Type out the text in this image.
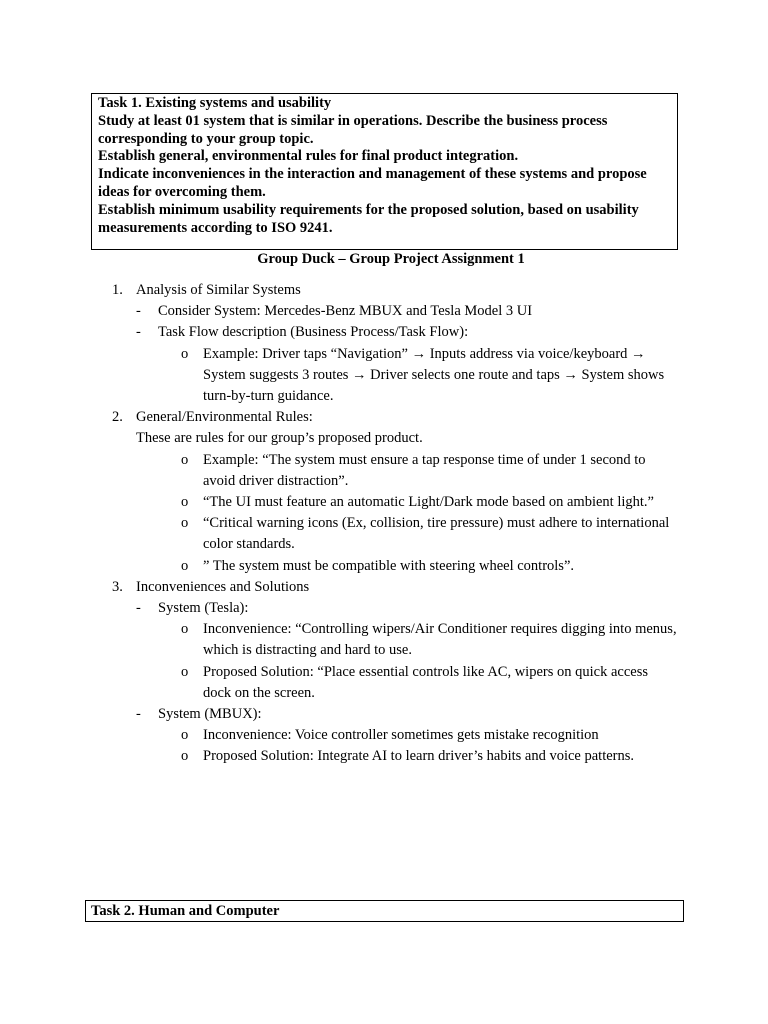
Task 1. Existing systems and usability
Study at least 01 system that is similar in operations. Describe the business process corresponding to your group topic.
Establish general, environmental rules for final product integration.
Indicate inconveniences in the interaction and management of these systems and propose ideas for overcoming them.
Establish minimum usability requirements for the proposed solution, based on usability measurements according to ISO 9241.
Group Duck – Group Project Assignment 1
1. Analysis of Similar Systems
- Consider System: Mercedes-Benz MBUX and Tesla Model 3 UI
- Task Flow description (Business Process/Task Flow):
o Example: Driver taps “Navigation” → Inputs address via voice/keyboard → System suggests 3 routes → Driver selects one route and taps → System shows turn-by-turn guidance.
2. General/Environmental Rules:
These are rules for our group’s proposed product.
o Example: “The system must ensure a tap response time of under 1 second to avoid driver distraction”.
o “The UI must feature an automatic Light/Dark mode based on ambient light.”
o “Critical warning icons (Ex, collision, tire pressure) must adhere to international color standards.
o ” The system must be compatible with steering wheel controls”.
3. Inconveniences and Solutions
- System (Tesla):
o Inconvenience: “Controlling wipers/Air Conditioner requires digging into menus, which is distracting and hard to use.
o Proposed Solution: “Place essential controls like AC, wipers on quick access dock on the screen.
- System (MBUX):
o Inconvenience: Voice controller sometimes gets mistake recognition
o Proposed Solution: Integrate AI to learn driver’s habits and voice patterns.
Task 2. Human and Computer
